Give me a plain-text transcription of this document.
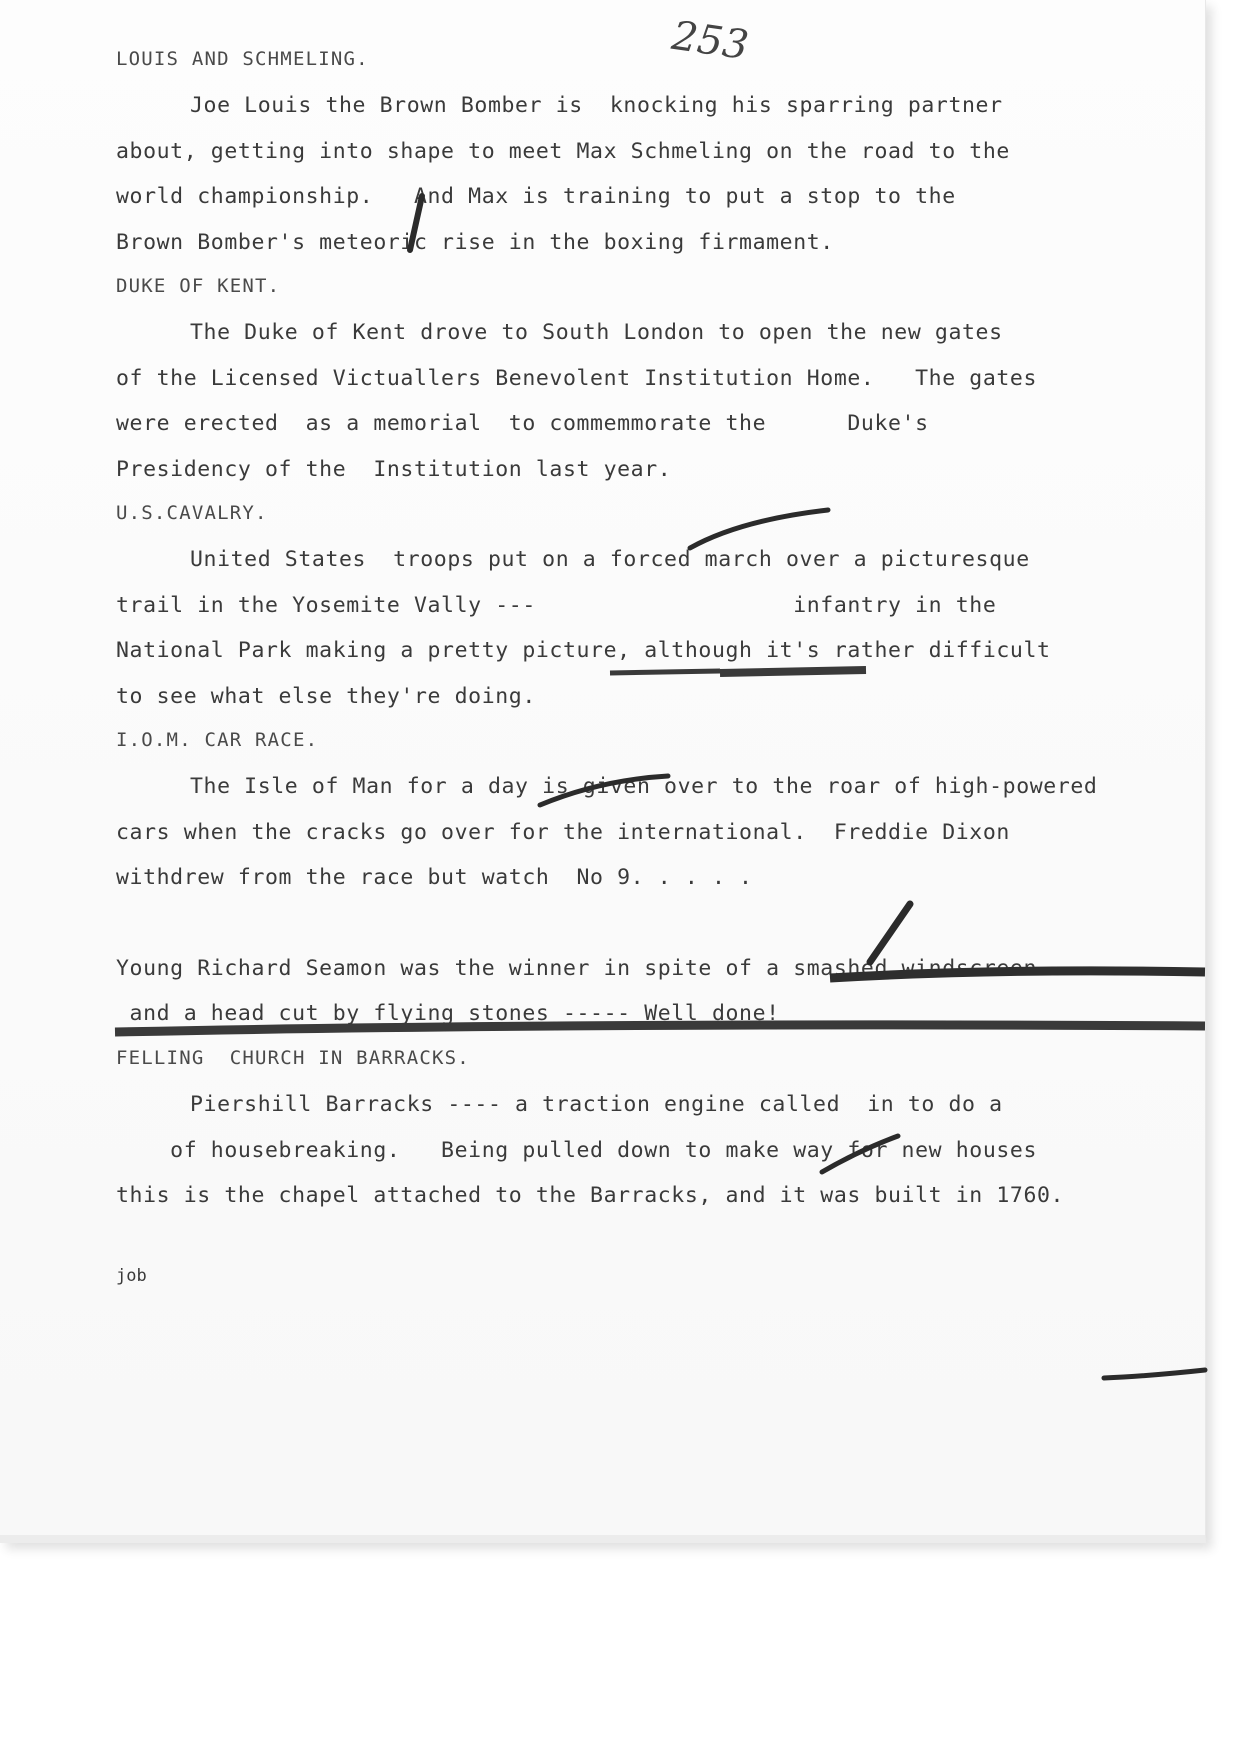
253
LOUIS AND SCHMELING.
Joe Louis the Brown Bomber is  knocking his sparring partner
about, getting into shape to meet Max Schmeling on the road to the
world championship.   And Max is training to put a stop to the
Brown Bomber's meteoric rise in the boxing firmament.
DUKE OF KENT.
The Duke of Kent drove to South London to open the new gates
of the Licensed Victuallers Benevolent Institution Home.   The gates
were erected  as a memorial  to commemmorate the      Duke's
Presidency of the  Institution last year.
U.S.CAVALRY.
United States  troops put on a forced march over a picturesque
trail in the Yosemite Vally ---                   infantry in the
National Park making a pretty picture, although it's rather difficult
to see what else they're doing.
I.O.M. CAR RACE.
The Isle of Man for a day is given over to the roar of high-powered
cars when the cracks go over for the international.  Freddie Dixon
withdrew from the race but watch  No 9. . . . .
Young Richard Seamon was the winner in spite of a smashed windscreen
and a head cut by flying stones ----- Well done!
FELLING  CHURCH IN BARRACKS.
Piershill Barracks ---- a traction engine called  in to do a
of housebreaking.   Being pulled down to make way for new houses
this is the chapel attached to the Barracks, and it was built in 1760.
job
